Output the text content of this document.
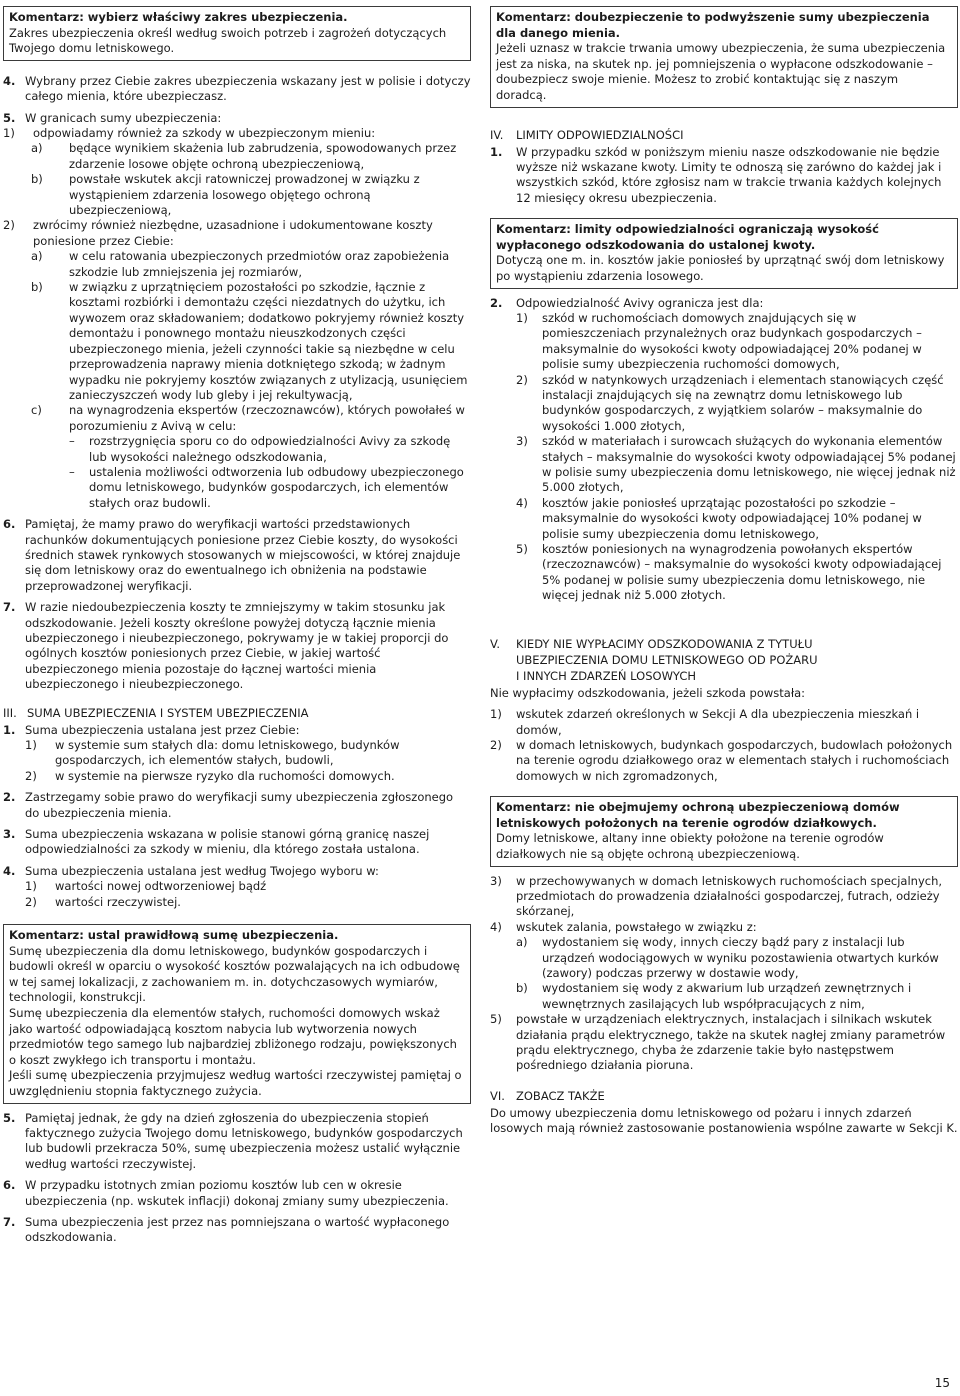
Komentarz: wybierz właściwy zakres ubezpieczenia.

Zakres ubezpieczenia określ według swoich potrzeb i zagrożeń dotyczących Twojego domu letniskowego.

4. Wybrany przez Ciebie zakres ubezpieczenia wskazany jest w polisie i dotyczy całego mienia, które ubezpieczasz.
5. W granicach sumy ubezpieczenia:
1) odpowiadamy również za szkody w ubezpieczonym mieniu:
a) będące wynikiem skażenia lub zabrudzenia, spowodowanych przez zdarzenie losowe objęte ochroną ubezpieczeniową,
b) powstałe wskutek akcji ratowniczej prowadzonej w związku z wystąpieniem zdarzenia losowego objętego ochroną ubezpieczeniową,
2) zwrócimy również niezbędne, uzasadnione i udokumentowane koszty poniesione przez Ciebie:
a) w celu ratowania ubezpieczonych przedmiotów oraz zapobieżenia szkodzie lub zmniejszenia jej rozmiarów,
b) w związku z uprzątnięciem pozostałości po szkodzie, łącznie z kosztami rozbiórki i demontażu części niezdatnych do użytku, ich wywozem oraz składowaniem; dodatkowo pokryjemy również koszty demontażu i ponownego montażu nieuszkodzonych części ubezpieczonego mienia, jeżeli czynności takie są niezbędne w celu przeprowadzenia naprawy mienia dotkniętego szkodą; w żadnym wypadku nie pokryjemy kosztów związanych z utylizacją, usunięciem zanieczyszczeń wody lub gleby i jej rekultywacją,
c) na wynagrodzenia ekspertów (rzeczoznawców), których powołałeś w porozumieniu z Avivą w celu:
– rozstrzygnięcia sporu co do odpowiedzialności Avivy za szkodę lub wysokości należnego odszkodowania,
– ustalenia możliwości odtworzenia lub odbudowy ubezpieczonego domu letniskowego, budynków gospodarczych, ich elementów stałych oraz budowli.
6. Pamiętaj, że mamy prawo do weryfikacji wartości przedstawionych rachunków dokumentujących poniesione przez Ciebie koszty, do wysokości średnich stawek rynkowych stosowanych w miejscowości, w której znajduje się dom letniskowy oraz do ewentualnego ich obniżenia na podstawie przeprowadzonej weryfikacji.
7. W razie niedoubezpieczenia koszty te zmniejszymy w takim stosunku jak odszkodowanie. Jeżeli koszty określone powyżej dotyczą łącznie mienia ubezpieczonego i nieubezpieczonego, pokrywamy je w takiej proporcji do ogólnych kosztów poniesionych przez Ciebie, w jakiej wartość ubezpieczonego mienia pozostaje do łącznej wartości mienia ubezpieczonego i nieubezpieczonego.
III. SUMA UBEZPIECZENIA I SYSTEM UBEZPIECZENIA
1. Suma ubezpieczenia ustalana jest przez Ciebie:
1) w systemie sum stałych dla: domu letniskowego, budynków gospodarczych, ich elementów stałych, budowli,
2) w systemie na pierwsze ryzyko dla ruchomości domowych.
2. Zastrzegamy sobie prawo do weryfikacji sumy ubezpieczenia zgłoszonego do ubezpieczenia mienia.
3. Suma ubezpieczenia wskazana w polisie stanowi górną granicę naszej odpowiedzialności za szkody w mieniu, dla którego została ustalona.
4. Suma ubezpieczenia ustalana jest według Twojego wyboru w:
1) wartości nowej odtworzeniowej bądź
2) wartości rzeczywistej.
Komentarz: ustal prawidłową sumę ubezpieczenia.

Sumę ubezpieczenia dla domu letniskowego, budynków gospodarczych i budowli określ w oparciu o wysokość kosztów pozwalających na ich odbudowę w tej samej lokalizacji, z zachowaniem m. in. dotychczasowych wymiarów, technologii, konstrukcji.

Sumę ubezpieczenia dla elementów stałych, ruchomości domowych wskaż jako wartość odpowiadającą kosztom nabycia lub wytworzenia nowych przedmiotów tego samego lub najbardziej zbliżonego rodzaju, powiększonych o koszt zwykłego ich transportu i montażu.

Jeśli sumę ubezpieczenia przyjmujesz według wartości rzeczywistej pamiętaj o uwzględnieniu stopnia faktycznego zużycia.

5. Pamiętaj jednak, że gdy na dzień zgłoszenia do ubezpieczenia stopień faktycznego zużycia Twojego domu letniskowego, budynków gospodarczych lub budowli przekracza 50%, sumę ubezpieczenia możesz ustalić wyłącznie według wartości rzeczywistej.
6. W przypadku istotnych zmian poziomu kosztów lub cen w okresie ubezpieczenia (np. wskutek inflacji) dokonaj zmiany sumy ubezpieczenia.
7. Suma ubezpieczenia jest przez nas pomniejszana o wartość wypłaconego odszkodowania.
Komentarz: doubezpieczenie to podwyższenie sumy ubezpieczenia dla danego mienia.

Jeżeli uznasz w trakcie trwania umowy ubezpieczenia, że suma ubezpieczenia jest za niska, na skutek np. jej pomniejszenia o wypłacone odszkodowanie – doubezpiecz swoje mienie. Możesz to zrobić kontaktując się z naszym doradcą.

IV. LIMITY ODPOWIEDZIALNOŚCI
1. W przypadku szkód w poniższym mieniu nasze odszkodowanie nie będzie wyższe niż wskazane kwoty. Limity te odnoszą się zarówno do każdej jak i wszystkich szkód, które zgłosisz nam w trakcie trwania każdych kolejnych 12 miesięcy okresu ubezpieczenia.
Komentarz: limity odpowiedzialności ograniczają wysokość wypłaconego odszkodowania do ustalonej kwoty.

Dotyczą one m. in. kosztów jakie poniosłeś by uprzątnąć swój dom letniskowy po wystąpieniu zdarzenia losowego.

2. Odpowiedzialność Avivy ogranicza jest dla:
1) szkód w ruchomościach domowych znajdujących się w pomieszczeniach przynależnych oraz budynkach gospodarczych – maksymalnie do wysokości kwoty odpowiadającej 20% podanej w polisie sumy ubezpieczenia ruchomości domowych,
2) szkód w natynkowych urządzeniach i elementach stanowiących część instalacji znajdujących się na zewnątrz domu letniskowego lub budynków gospodarczych, z wyjątkiem solarów – maksymalnie do wysokości 1.000 złotych,
3) szkód w materiałach i surowcach służących do wykonania elementów stałych – maksymalnie do wysokości kwoty odpowiadającej 5% podanej w polisie sumy ubezpieczenia domu letniskowego, nie więcej jednak niż 5.000 złotych,
4) kosztów jakie poniosłeś uprzątając pozostałości po szkodzie – maksymalnie do wysokości kwoty odpowiadającej 10% podanej w polisie sumy ubezpieczenia domu letniskowego,
5) kosztów poniesionych na wynagrodzenia powołanych ekspertów (rzeczoznawców) – maksymalnie do wysokości kwoty odpowiadającej 5% podanej w polisie sumy ubezpieczenia domu letniskowego, nie więcej jednak niż 5.000 złotych.
V. KIEDY NIE WYPŁACIMY ODSZKODOWANIA Z TYTUŁU
UBEZPIECZENIA DOMU LETNISKOWEGO OD POŻARU
I INNYCH ZDARZEŃ LOSOWYCH

Nie wypłacimy odszkodowania, jeżeli szkoda powstała:

1) wskutek zdarzeń określonych w Sekcji A dla ubezpieczenia mieszkań i domów,
2) w domach letniskowych, budynkach gospodarczych, budowlach położonych na terenie ogrodu działkowego oraz w elementach stałych i ruchomościach domowych w nich zgromadzonych,
Komentarz: nie obejmujemy ochroną ubezpieczeniową domów letniskowych położonych na terenie ogrodów działkowych.

Domy letniskowe, altany inne obiekty położone na terenie ogrodów działkowych nie są objęte ochroną ubezpieczeniową.

3) w przechowywanych w domach letniskowych ruchomościach specjalnych, przedmiotach do prowadzenia działalności gospodarczej, futrach, odzieży skórzanej,
4) wskutek zalania, powstałego w związku z:
a) wydostaniem się wody, innych cieczy bądź pary z instalacji lub urządzeń wodociągowych w wyniku pozostawienia otwartych kurków (zawory) podczas przerwy w dostawie wody,
b) wydostaniem się wody z akwarium lub urządzeń zewnętrznych i wewnętrznych zasilających lub współpracujących z nim,
5) powstałe w urządzeniach elektrycznych, instalacjach i silnikach wskutek działania prądu elektrycznego, także na skutek nagłej zmiany parametrów prądu elektrycznego, chyba że zdarzenie takie było następstwem pośredniego działania pioruna.
VI. ZOBACZ TAKŻE

Do umowy ubezpieczenia domu letniskowego od pożaru i innych zdarzeń losowych mają również zastosowanie postanowienia wspólne zawarte w Sekcji K.

15
